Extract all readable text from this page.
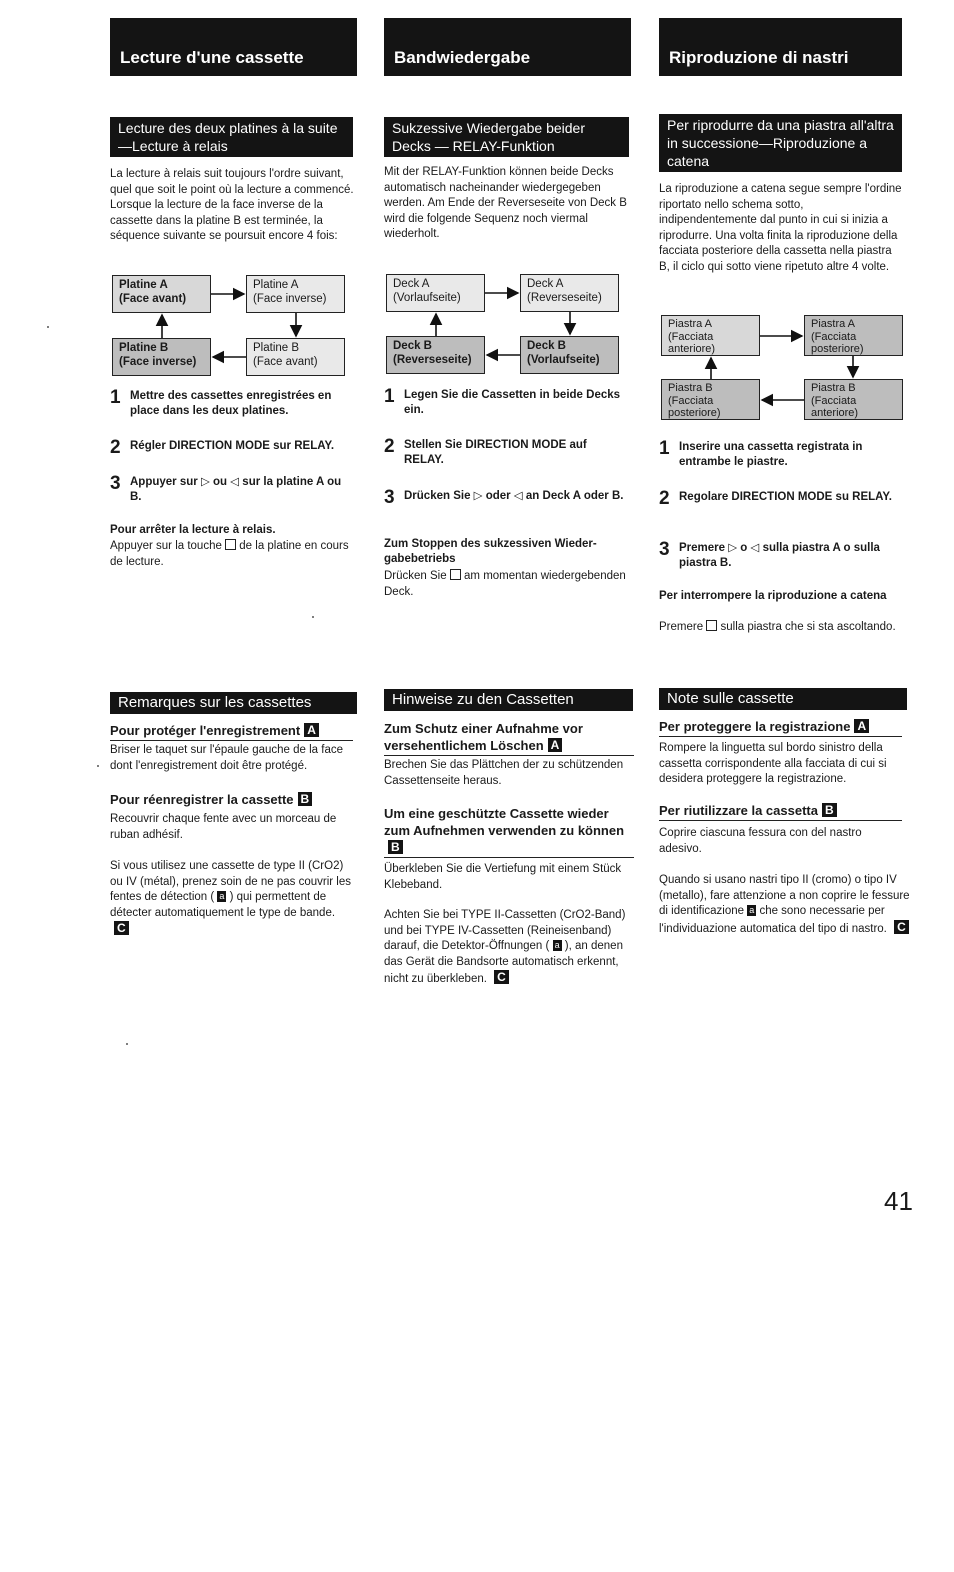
Lecture d'une cassette
Lecture des deux platines à la suite—Lecture à relais

La lecture à relais suit toujours l'ordre suivant, quel que soit le point où la lecture a commencé. Lorsque la lecture de la face inverse de la cassette dans la platine B est terminée, la séquence suivante se poursuit encore 4 fois:

Platine A
(Face avant)
Platine A
(Face inverse)
Platine B
(Face inverse)
Platine B
(Face avant)
1 Mettre des cassettes enregistrées en place dans les deux platines.
2 Régler DIRECTION MODE sur RELAY.
3 Appuyer sur ▷ ou ◁ sur la platine A ou B.
Pour arrêter la lecture à relais.
Appuyer sur la touche  de la platine en cours de lecture.
Remarques sur les cassettes
Pour protéger l'enregistrement A

Briser le taquet sur l'épaule gauche de la face dont l'enregistrement doit être protégé.

Pour réenregistrer la cassette B

Recouvrir chaque fente avec un morceau de ruban adhésif.

Si vous utilisez une cassette de type II (CrO2) ou IV (métal), prenez soin de ne pas couvrir les fentes de détection ( a ) qui permettent de détecter automatiquement le type de bande. C

Bandwiedergabe
Sukzessive Wiedergabe beider Decks — RELAY-Funktion

Mit der RELAY-Funktion können beide Decks automatisch nacheinander wiedergegeben werden. Am Ende der Reverseseite von Deck B wird die folgende Sequenz noch viermal wiederholt.

Deck A
(Vorlaufseite)
Deck A
(Reverseseite)
Deck B
(Reverseseite)
Deck B
(Vorlaufseite)
1 Legen Sie die Cassetten in beide Decks ein.
2 Stellen Sie DIRECTION MODE auf RELAY.
3 Drücken Sie ▷ oder ◁ an Deck A oder B.
Zum Stoppen des sukzessiven Wieder-gabebetriebs
Drücken Sie  am momentan wiedergebenden Deck.
Hinweise zu den Cassetten
Zum Schutz einer Aufnahme vor versehentlichem Löschen A

Brechen Sie das Plättchen der zu schützenden Cassettenseite heraus.

Um eine geschützte Cassette wieder zum Aufnehmen verwenden zu könnenB

Überkleben Sie die Vertiefung mit einem Stück Klebeband.

Achten Sie bei TYPE II-Cassetten (CrO2-Band) und bei TYPE IV-Cassetten (Reineisenband) darauf, die Detektor-Öffnungen ( a ), an denen das Gerät die Bandsorte automatisch erkennt, nicht zu überkleben. C

Riproduzione di nastri
Per riprodurre da una piastra all'altra in successione—Riproduzione a catena

La riproduzione a catena segue sempre l'ordine riportato nello schema sotto, indipendentemente dal punto in cui si inizia a riprodurre. Una volta finita la riproduzione della facciata posteriore della cassetta nella piastra B, il ciclo qui sotto viene ripetuto altre 4 volte.

Piastra A
(Facciata
anteriore)
Piastra A
(Facciata
posteriore)
Piastra B
(Facciata
posteriore)
Piastra B
(Facciata
anteriore)
1 Inserire una cassetta registrata in entrambe le piastre.
2 Regolare DIRECTION MODE su RELAY.
3 Premere ▷ o ◁ sulla piastra A o sulla piastra B.
Per interrompere la riproduzione a catena
Premere  sulla piastra che si sta ascoltando.
Note sulle cassette
Per proteggere la registrazione A

Rompere la linguetta sul bordo sinistro della cassetta corrispondente alla facciata di cui si desidera proteggere la registrazione.

Per riutilizzare la cassetta B

Coprire ciascuna fessura con del nastro adesivo.

Quando si usano nastri tipo II (cromo) o tipo IV (metallo), fare attenzione a non coprire le fessure di identificazione a che sono necessarie per l'individuazione automatica del tipo di nastro. C

41
